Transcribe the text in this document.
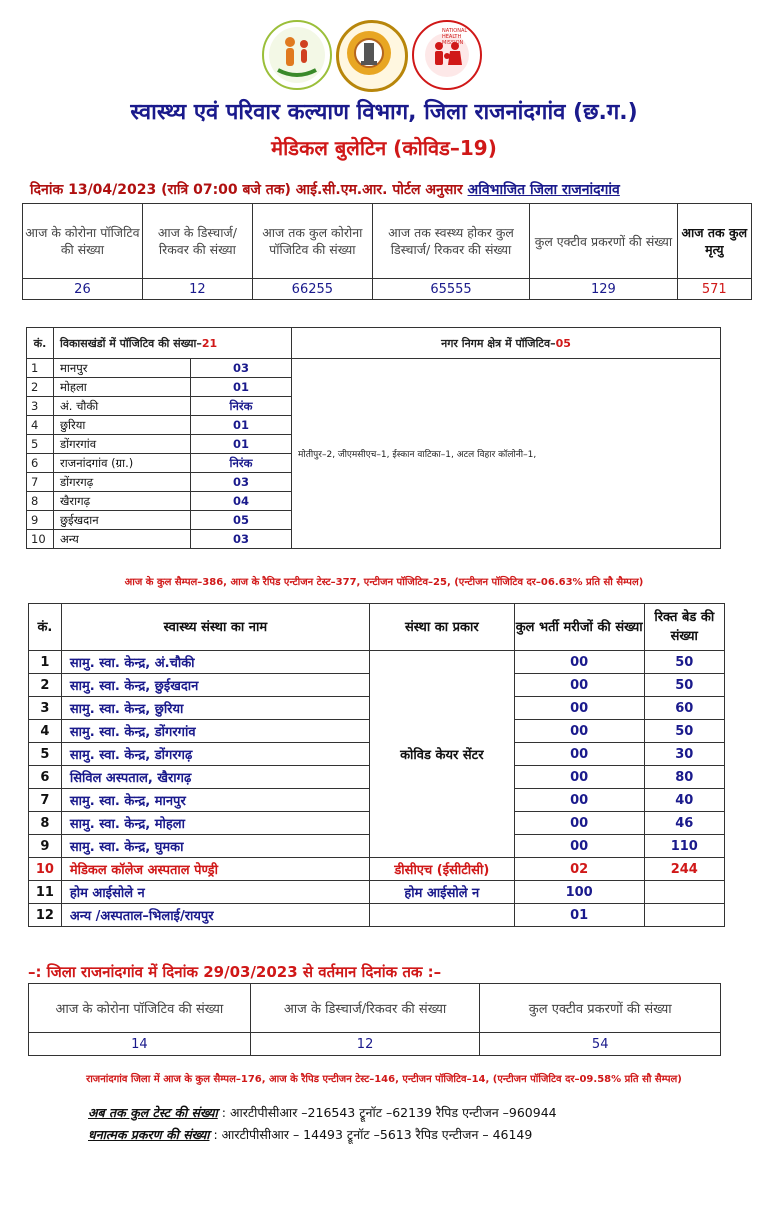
NATIONAL HEALTH MISSION
स्वास्थ्य एवं परिवार कल्याण विभाग, जिला राजनांदगांव (छ.ग.)
मेडिकल बुलेटिन (कोविड–19)
दिनांक 13/04/2023 (रात्रि 07:00 बजे तक) आई.सी.एम.आर. पोर्टल अनुसार अविभाजित जिला राजनांदगांव
आज के कोरोना पॉजिटिव की संख्या	आज के डिस्चार्ज/रिकवर की संख्या	आज तक कुल कोरोना पॉजिटिव की संख्या	आज तक स्वस्थ्य होकर कुल डिस्चार्ज/ रिकवर की संख्या	कुल एक्टीव प्रकरणों की संख्या	आज तक कुल मृत्यु
26	12	66255	65555	129	571
कं.	विकासखंडों में पॉजिटिव की संख्या–21		नगर निगम क्षेत्र में पॉजिटिव–05
1	मानपुर	03	मोतीपुर–2, जीएमसीएच–1, ईस्कान वाटिका–1, अटल विहार कॉलोनी–1,
2	मोहला	01	
3	अं. चौकी	निरंक	
4	छुरिया	01	
5	डोंगरगांव	01	
6	राजनांदगांव (ग्रा.)	निरंक	
7	डोंगरगढ़	03	
8	खैरागढ़	04	
9	छुईखदान	05	
10	अन्य	03	
आज के कुल सैम्पल–386, आज के रैपिड एन्टीजन टेस्ट–377, एन्टीजन पॉजिटिव–25, (एन्टीजन पॉजिटिव दर–06.63% प्रति सौ सैम्पल)
कं.	स्वास्थ्य संस्था का नाम	संस्था का प्रकार	कुल भर्ती मरीजों की संख्या	रिक्त बेड की संख्या
1	सामु. स्वा. केन्द्र, अं.चौकी	कोविड केयर सेंटर	00	50
2	सामु. स्वा. केन्द्र, छुईखदान		00	50
3	सामु. स्वा. केन्द्र, छुरिया		00	60
4	सामु. स्वा. केन्द्र, डोंगरगांव		00	50
5	सामु. स्वा. केन्द्र, डोंगरगढ़		00	30
6	सिविल अस्पताल, खैरागढ़		00	80
7	सामु. स्वा. केन्द्र, मानपुर		00	40
8	सामु. स्वा. केन्द्र, मोहला		00	46
9	सामु. स्वा. केन्द्र, घुमका		00	110
10	मेडिकल कॉलेज अस्पताल पेण्ड्री	डीसीएच (ईसीटीसी)	02	244
11	होम आईसोले न	होम आईसोले न	100	
12	अन्य /अस्पताल–भिलाई/रायपुर		01	
–: जिला राजनांदगांव में दिनांक 29/03/2023 से वर्तमान दिनांक तक :–
आज के कोरोना पॉजिटिव की संख्या	आज के डिस्चार्ज/रिकवर की संख्या	कुल एक्टीव प्रकरणों की संख्या
14	12	54
राजनांदगांव जिला में आज के कुल सैम्पल–176, आज के रैपिड एन्टीजन टेस्ट–146, एन्टीजन पॉजिटिव–14, (एन्टीजन पॉजिटिव दर–09.58% प्रति सौ सैम्पल)
अब तक कुल टेस्ट की संख्या : आरटीपीसीआर –216543 ट्रूनॉट –62139 रैपिड एन्टीजन –960944
धनात्मक प्रकरण की संख्या : आरटीपीसीआर – 14493 ट्रूनॉट –5613 रैपिड एन्टीजन – 46149
